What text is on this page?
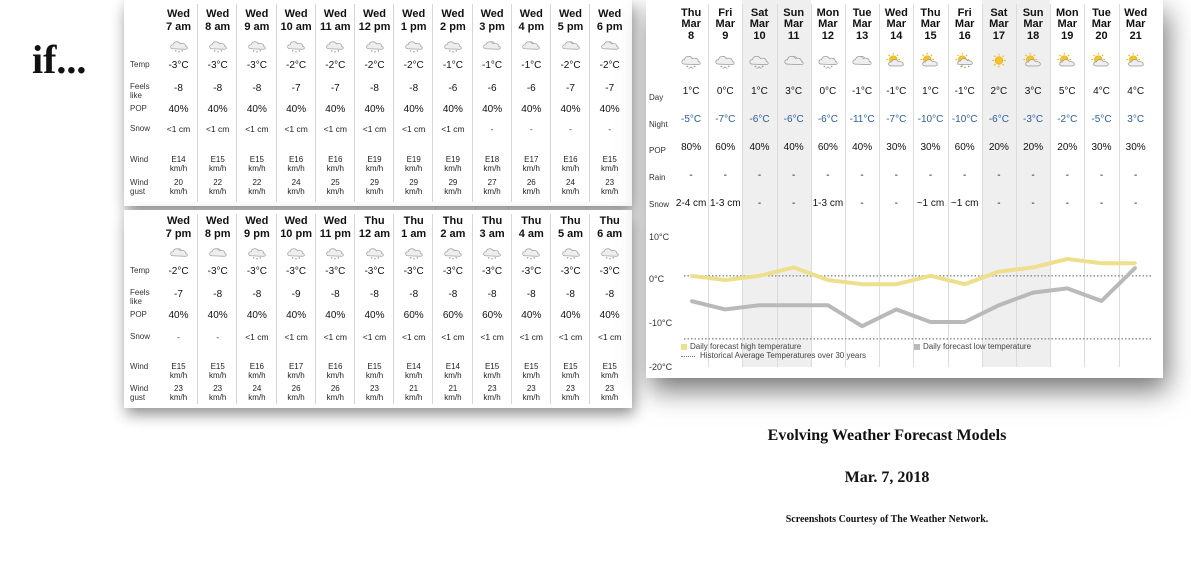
if...	Temp
Feels like
POP
Snow
Wind
Wind gust
Wed
7 am
-3°C
-8
40%
<1 cm
E14
km/h
20
km/h
Wed
8 am
-3°C
-8
40%
<1 cm
E15
km/h
22
km/h
Wed
9 am
-3°C
-8
40%
<1 cm
E15
km/h
22
km/h
Wed
10 am
-2°C
-7
40%
<1 cm
E16
km/h
24
km/h
Wed
11 am
-2°C
-7
40%
<1 cm
E16
km/h
25
km/h
Wed
12 pm
-2°C
-8
40%
<1 cm
E19
km/h
29
km/h
Wed
1 pm
-2°C
-8
40%
<1 cm
E19
km/h
29
km/h
Wed
2 pm
-1°C
-6
40%
<1 cm
E19
km/h
29
km/h
Wed
3 pm
-1°C
-6
40%
-
E18
km/h
27
km/h
Wed
4 pm
-1°C
-6
40%
-
E17
km/h
26
km/h
Wed
5 pm
-2°C
-7
40%
-
E16
km/h
24
km/h
Wed
6 pm
-2°C
-7
40%
-
E15
km/h
23
km/h
Temp
Feels like
POP
Snow
Wind
Wind gust
Wed
7 pm
-2°C
-7
40%
-
E15
km/h
23
km/h
Wed
8 pm
-3°C
-8
40%
-
E15
km/h
23
km/h
Wed
9 pm
-3°C
-8
40%
<1 cm
E16
km/h
24
km/h
Wed
10 pm
-3°C
-9
40%
<1 cm
E17
km/h
26
km/h
Wed
11 pm
-3°C
-8
40%
<1 cm
E16
km/h
26
km/h
Thu
12 am
-3°C
-8
40%
<1 cm
E15
km/h
23
km/h
Thu
1 am
-3°C
-8
60%
<1 cm
E14
km/h
21
km/h
Thu
2 am
-3°C
-8
60%
<1 cm
E14
km/h
21
km/h
Thu
3 am
-3°C
-8
60%
<1 cm
E15
km/h
23
km/h
Thu
4 am
-3°C
-8
40%
<1 cm
E15
km/h
23
km/h
Thu
5 am
-3°C
-8
40%
<1 cm
E15
km/h
23
km/h
Thu
6 am
-3°C
-8
40%
<1 cm
E15
km/h
23
km/h
Thu
Mar
8
1°C
-5°C
80%
-
2-4 cm
Fri
Mar
9
0°C
-7°C
60%
-
1-3 cm
Sat
Mar
10
1°C
-6°C
40%
-
-
Sun
Mar
11
3°C
-6°C
40%
-
-
Mon
Mar
12
0°C
-6°C
60%
-
1-3 cm
Tue
Mar
13
-1°C
-11°C
40%
-
-
Wed
Mar
14
-1°C
-7°C
30%
-
-
Thu
Mar
15
1°C
-10°C
30%
-
~1 cm
Fri
Mar
16
-1°C
-10°C
60%
-
~1 cm
Sat
Mar
17
2°C
-6°C
20%
-
-
Sun
Mar
18
3°C
-3°C
20%
-
-
Mon
Mar
19
5°C
-2°C
20%
-
-
Tue
Mar
20
4°C
-5°C
30%
-
-
Wed
Mar
21
4°C
3°C
30%
-
-
Day
Night
POP
Rain
Snow
10°C
0°C
-10°C
-20°C
Daily forecast high temperature
Historical Average Temperatures over 30 years
Daily forecast low temperature
Evolving Weather Forecast Models
Mar. 7, 2018
Screenshots Courtesy of The Weather Network.
